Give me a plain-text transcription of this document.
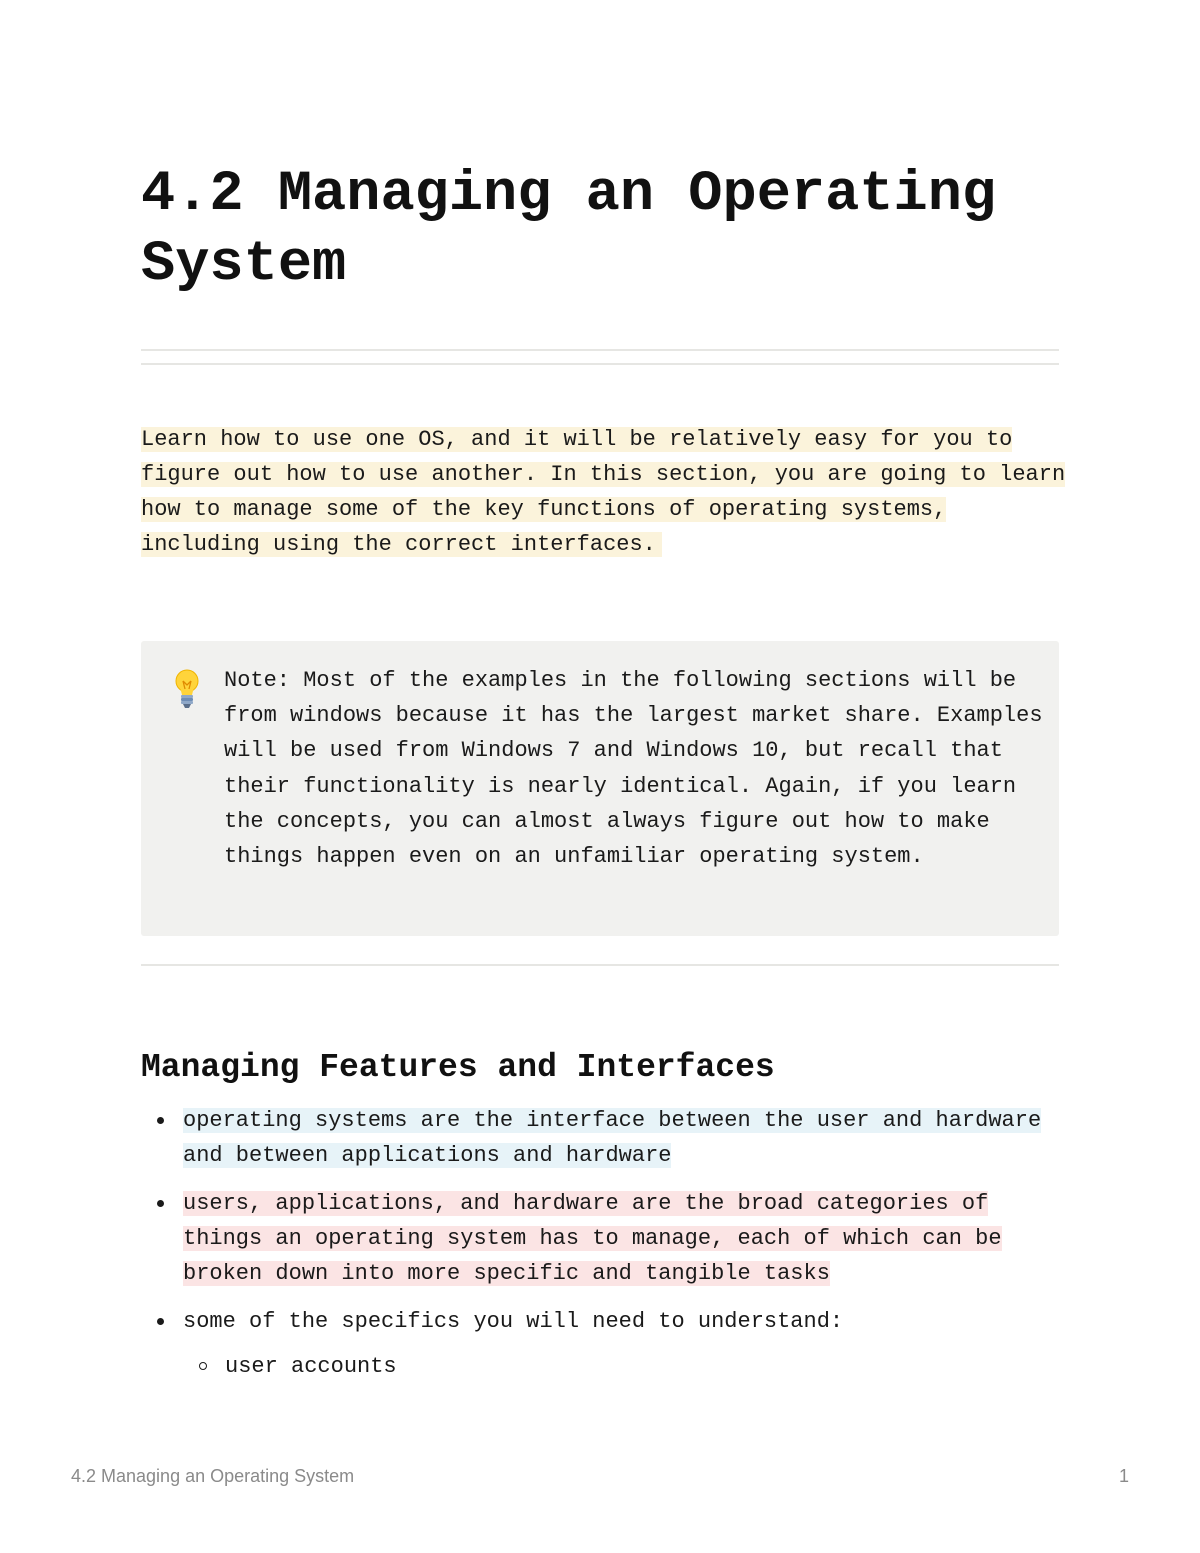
4.2 Managing an Operating System

Learn how to use one OS, and it will be relatively easy for you to figure out how to use another. In this section, you are going to learn how to manage some of the key functions of operating systems, including using the correct interfaces.

Note: Most of the examples in the following sections will be from windows because it has the largest market share. Examples will be used from Windows 7 and Windows 10, but recall that their functionality is nearly identical. Again, if you learn the concepts, you can almost always figure out how to make things happen even on an unfamiliar operating system.

Managing Features and Interfaces
operating systems are the interface between the user and hardware and between applications and hardware
users, applications, and hardware are the broad categories of things an operating system has to manage, each of which can be broken down into more specific and tangible tasks
some of the specifics you will need to understand:
user accounts
4.2 Managing an Operating System	1
